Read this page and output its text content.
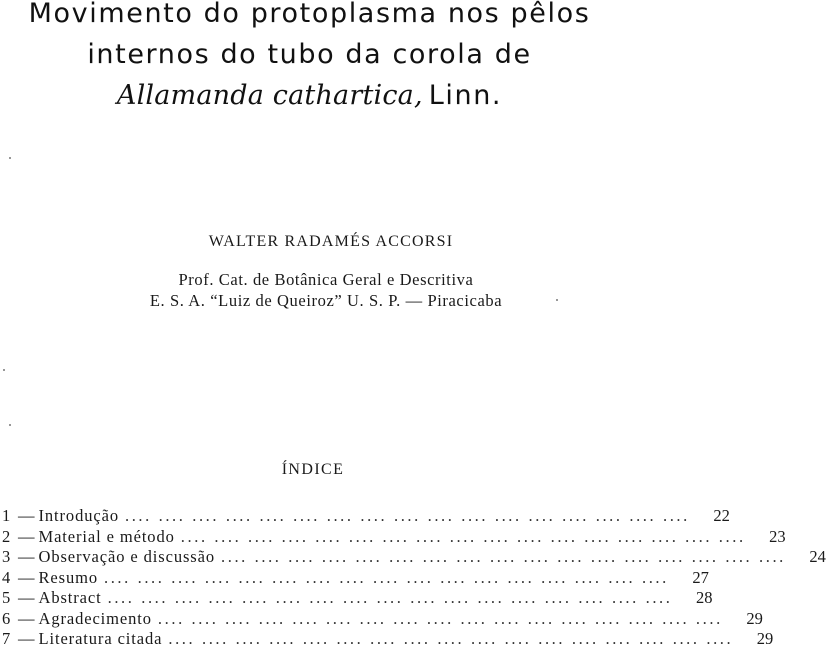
Movimento do protoplasma nos pêlos
internos do tubo da corola de
Allamanda cathartica, Linn.
WALTER RADAMÉS ACCORSI
Prof. Cat. de Botânica Geral e Descritiva
E. S. A. “Luiz de Queiroz” U. S. P. — Piracicaba
ÍNDICE
1 — Introdução .... .... .... .... .... .... .... .... .... .... .... .... .... .... .... .... ....	22
2 — Material e método .... .... .... .... .... .... .... .... .... .... .... .... .... .... .... .... ....	23
3 — Observação e discussão .... .... .... .... .... .... .... .... .... .... .... .... .... .... .... .... ....	24
4 — Resumo .... .... .... .... .... .... .... .... .... .... .... .... .... .... .... .... ....	27
5 — Abstract .... .... .... .... .... .... .... .... .... .... .... .... .... .... .... .... ....	28
6 — Agradecimento .... .... .... .... .... .... .... .... .... .... .... .... .... .... .... .... ....	29
7 — Literatura citada .... .... .... .... .... .... .... .... .... .... .... .... .... .... .... .... ....	29
